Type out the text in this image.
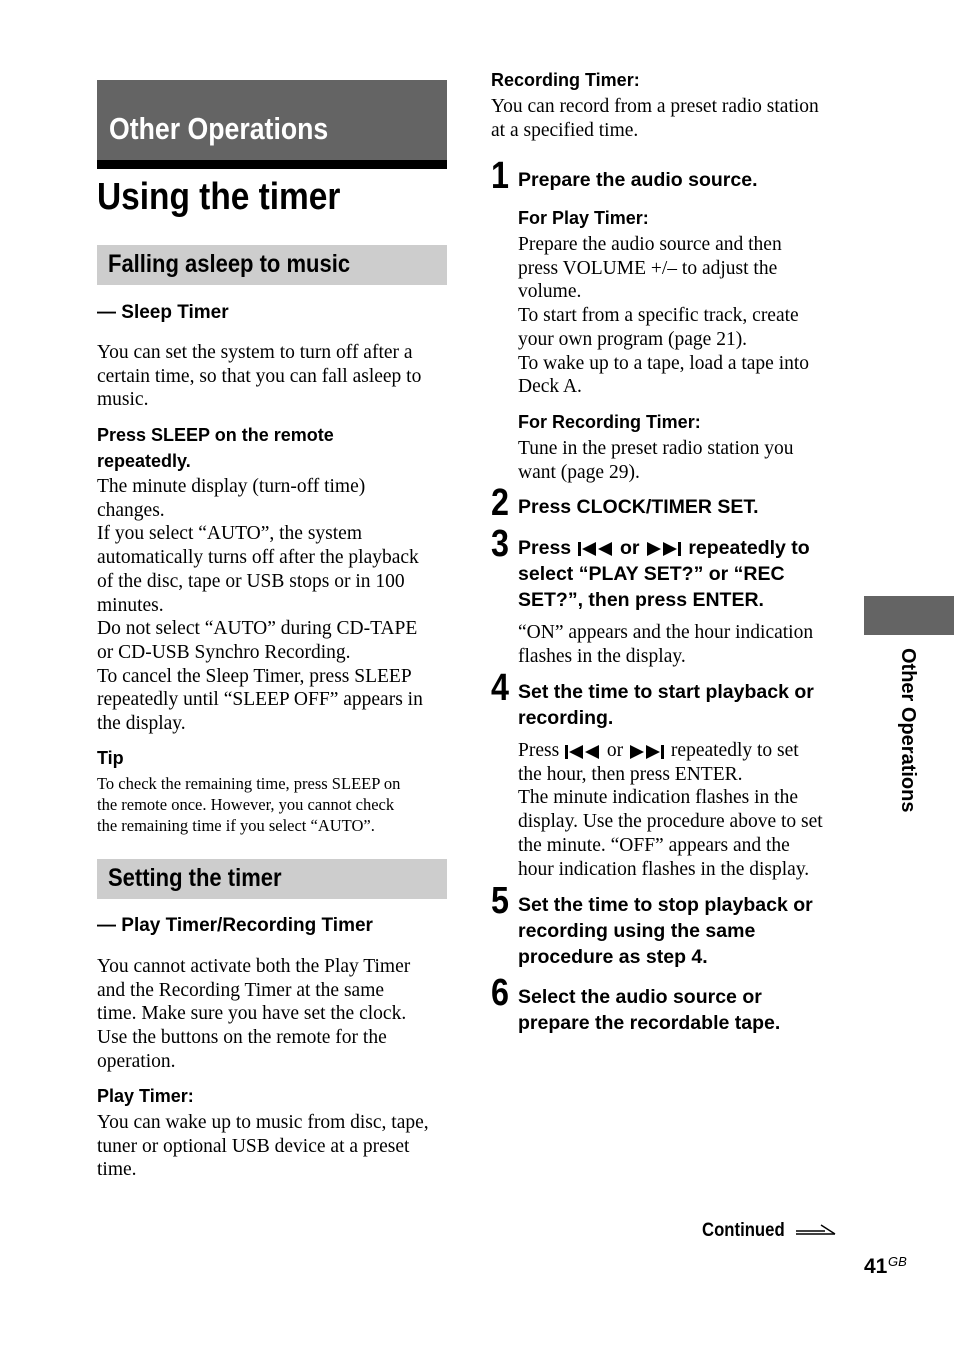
Other Operations
Using the timer
Falling asleep to music
— Sleep Timer
You can set the system to turn off after a
certain time, so that you can fall asleep to
music.
Press SLEEP on the remote
repeatedly.
The minute display (turn-off time)
changes.
If you select “AUTO”, the system
automatically turns off after the playback
of the disc, tape or USB stops or in 100
minutes.
Do not select “AUTO” during CD-TAPE
or CD-USB Synchro Recording.
To cancel the Sleep Timer, press SLEEP
repeatedly until “SLEEP OFF” appears in
the display.
Tip
To check the remaining time, press SLEEP on
the remote once. However, you cannot check
the remaining time if you select “AUTO”.
Setting the timer
— Play Timer/Recording Timer
You cannot activate both the Play Timer
and the Recording Timer at the same
time. Make sure you have set the clock.
Use the buttons on the remote for the
operation.
Play Timer:
You can wake up to music from disc, tape,
tuner or optional USB device at a preset
time.
Recording Timer:
You can record from a preset radio station
at a specified time.
1 Prepare the audio source.
For Play Timer:
Prepare the audio source and then
press VOLUME +/– to adjust the
volume.
To start from a specific track, create
your own program (page 21).
To wake up to a tape, load a tape into
Deck A.
For Recording Timer:
Tune in the preset radio station you
want (page 29).
2 Press CLOCK/TIMER SET.
3 Press	or	repeatedly to
select “PLAY SET?” or “REC
SET?”, then press ENTER.
“ON” appears and the hour indication
flashes in the display.
4 Set the time to start playback or
recording.
Press or repeatedly to set
the hour, then press ENTER.
The minute indication flashes in the
display. Use the procedure above to set
the minute. “OFF” appears and the
hour indication flashes in the display.
5 Set the time to stop playback or
recording using the same
procedure as step 4.
6 Select the audio source or
prepare the recordable tape.
Other Operations
Continued
41 GB
